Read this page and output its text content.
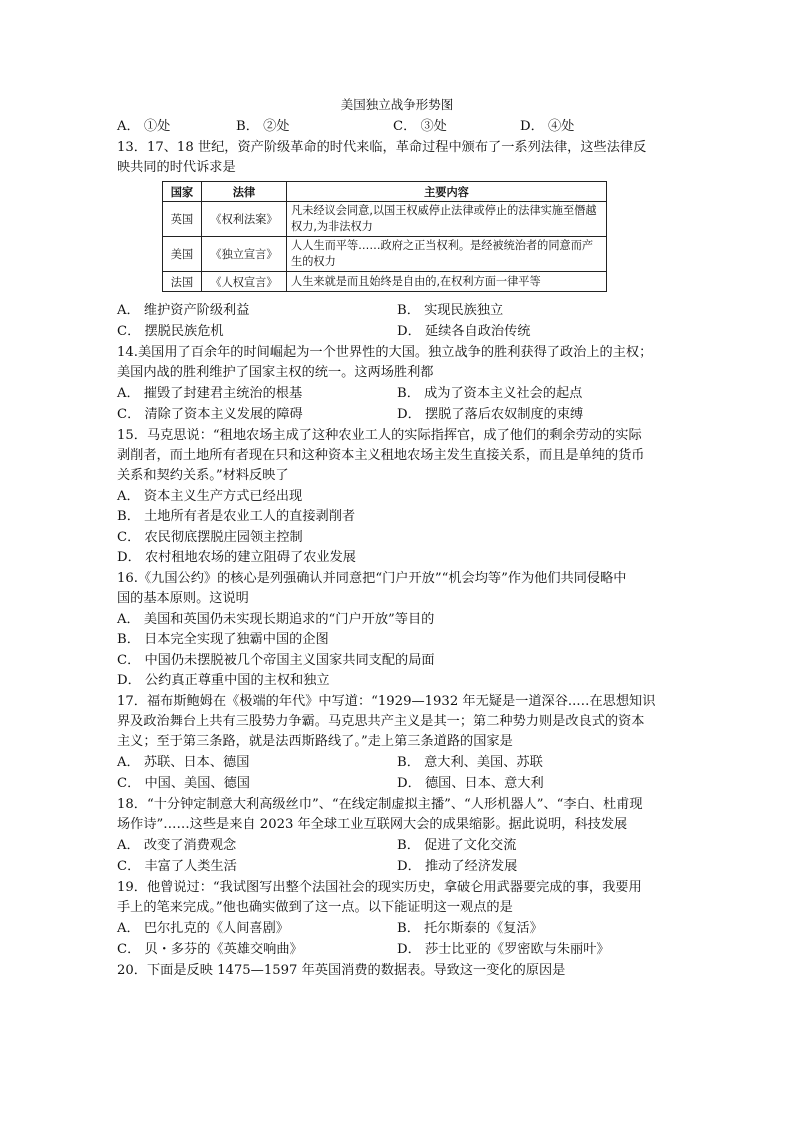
美国独立战争形势图
A． ①处	B． ②处	C． ③处	D． ④处
13．17、18 世纪，资产阶级革命的时代来临，革命过程中颁布了一系列法律，这些法律反
映共同的时代诉求是
国家	法律	主要内容
英国	《权利法案》	凡未经议会同意,以国王权威停止法律或停止的法律实施至僭越权力,为非法权力
美国	《独立宣言》	人人生而平等……政府之正当权利。是经被统治者的同意而产生的权力
法国	《人权宣言》	人生来就是而且始终是自由的,在权利方面一律平等
A． 维护资产阶级利益	B． 实现民族独立
C． 摆脱民族危机	D． 延续各自政治传统
14.美国用了百余年的时间崛起为一个世界性的大国。独立战争的胜利获得了政治上的主权；
美国内战的胜利维护了国家主权的统一。这两场胜利都
A． 摧毁了封建君主统治的根基	B． 成为了资本主义社会的起点
C． 清除了资本主义发展的障碍	D． 摆脱了落后农奴制度的束缚
15．马克思说：“租地农场主成了这种农业工人的实际指挥官，成了他们的剩余劳动的实际
剥削者，而土地所有者现在只和这种资本主义租地农场主发生直接关系，而且是单纯的货币
关系和契约关系。”材料反映了
A． 资本主义生产方式已经出现
B． 土地所有者是农业工人的直接剥削者
C． 农民彻底摆脱庄园领主控制
D． 农村租地农场的建立阻碍了农业发展
16.《九国公约》的核心是列强确认并同意把“门户开放”“机会均等”作为他们共同侵略中
国的基本原则。这说明
A． 美国和英国仍未实现长期追求的“门户开放”等目的
B． 日本完全实现了独霸中国的企图
C． 中国仍未摆脱被几个帝国主义国家共同支配的局面
D． 公约真正尊重中国的主权和独立
17．福布斯鲍姆在《极端的年代》中写道：“1929—1932 年无疑是一道深谷..…在思想知识
界及政治舞台上共有三股势力争霸。马克思共产主义是其一；第二种势力则是改良式的资本
主义；至于第三条路，就是法西斯路线了。”走上第三条道路的国家是
A． 苏联、日本、德国	B． 意大利、美国、苏联
C． 中国、美国、德国	D． 德国、日本、意大利
18．“十分钟定制意大利高级丝巾”、“在线定制虚拟主播”、“人形机器人”、“李白、杜甫现
场作诗”……这些是来自 2023 年全球工业互联网大会的成果缩影。据此说明，科技发展
A． 改变了消费观念	B． 促进了文化交流
C． 丰富了人类生活	D． 推动了经济发展
19．他曾说过：“我试图写出整个法国社会的现实历史，拿破仑用武器要完成的事，我要用
手上的笔来完成。”他也确实做到了这一点。以下能证明这一观点的是
A． 巴尔扎克的《人间喜剧》	B． 托尔斯泰的《复活》
C． 贝・多芬的《英雄交响曲》	D． 莎士比亚的《罗密欧与朱丽叶》
20．下面是反映 1475—1597 年英国消费的数据表。导致这一变化的原因是
